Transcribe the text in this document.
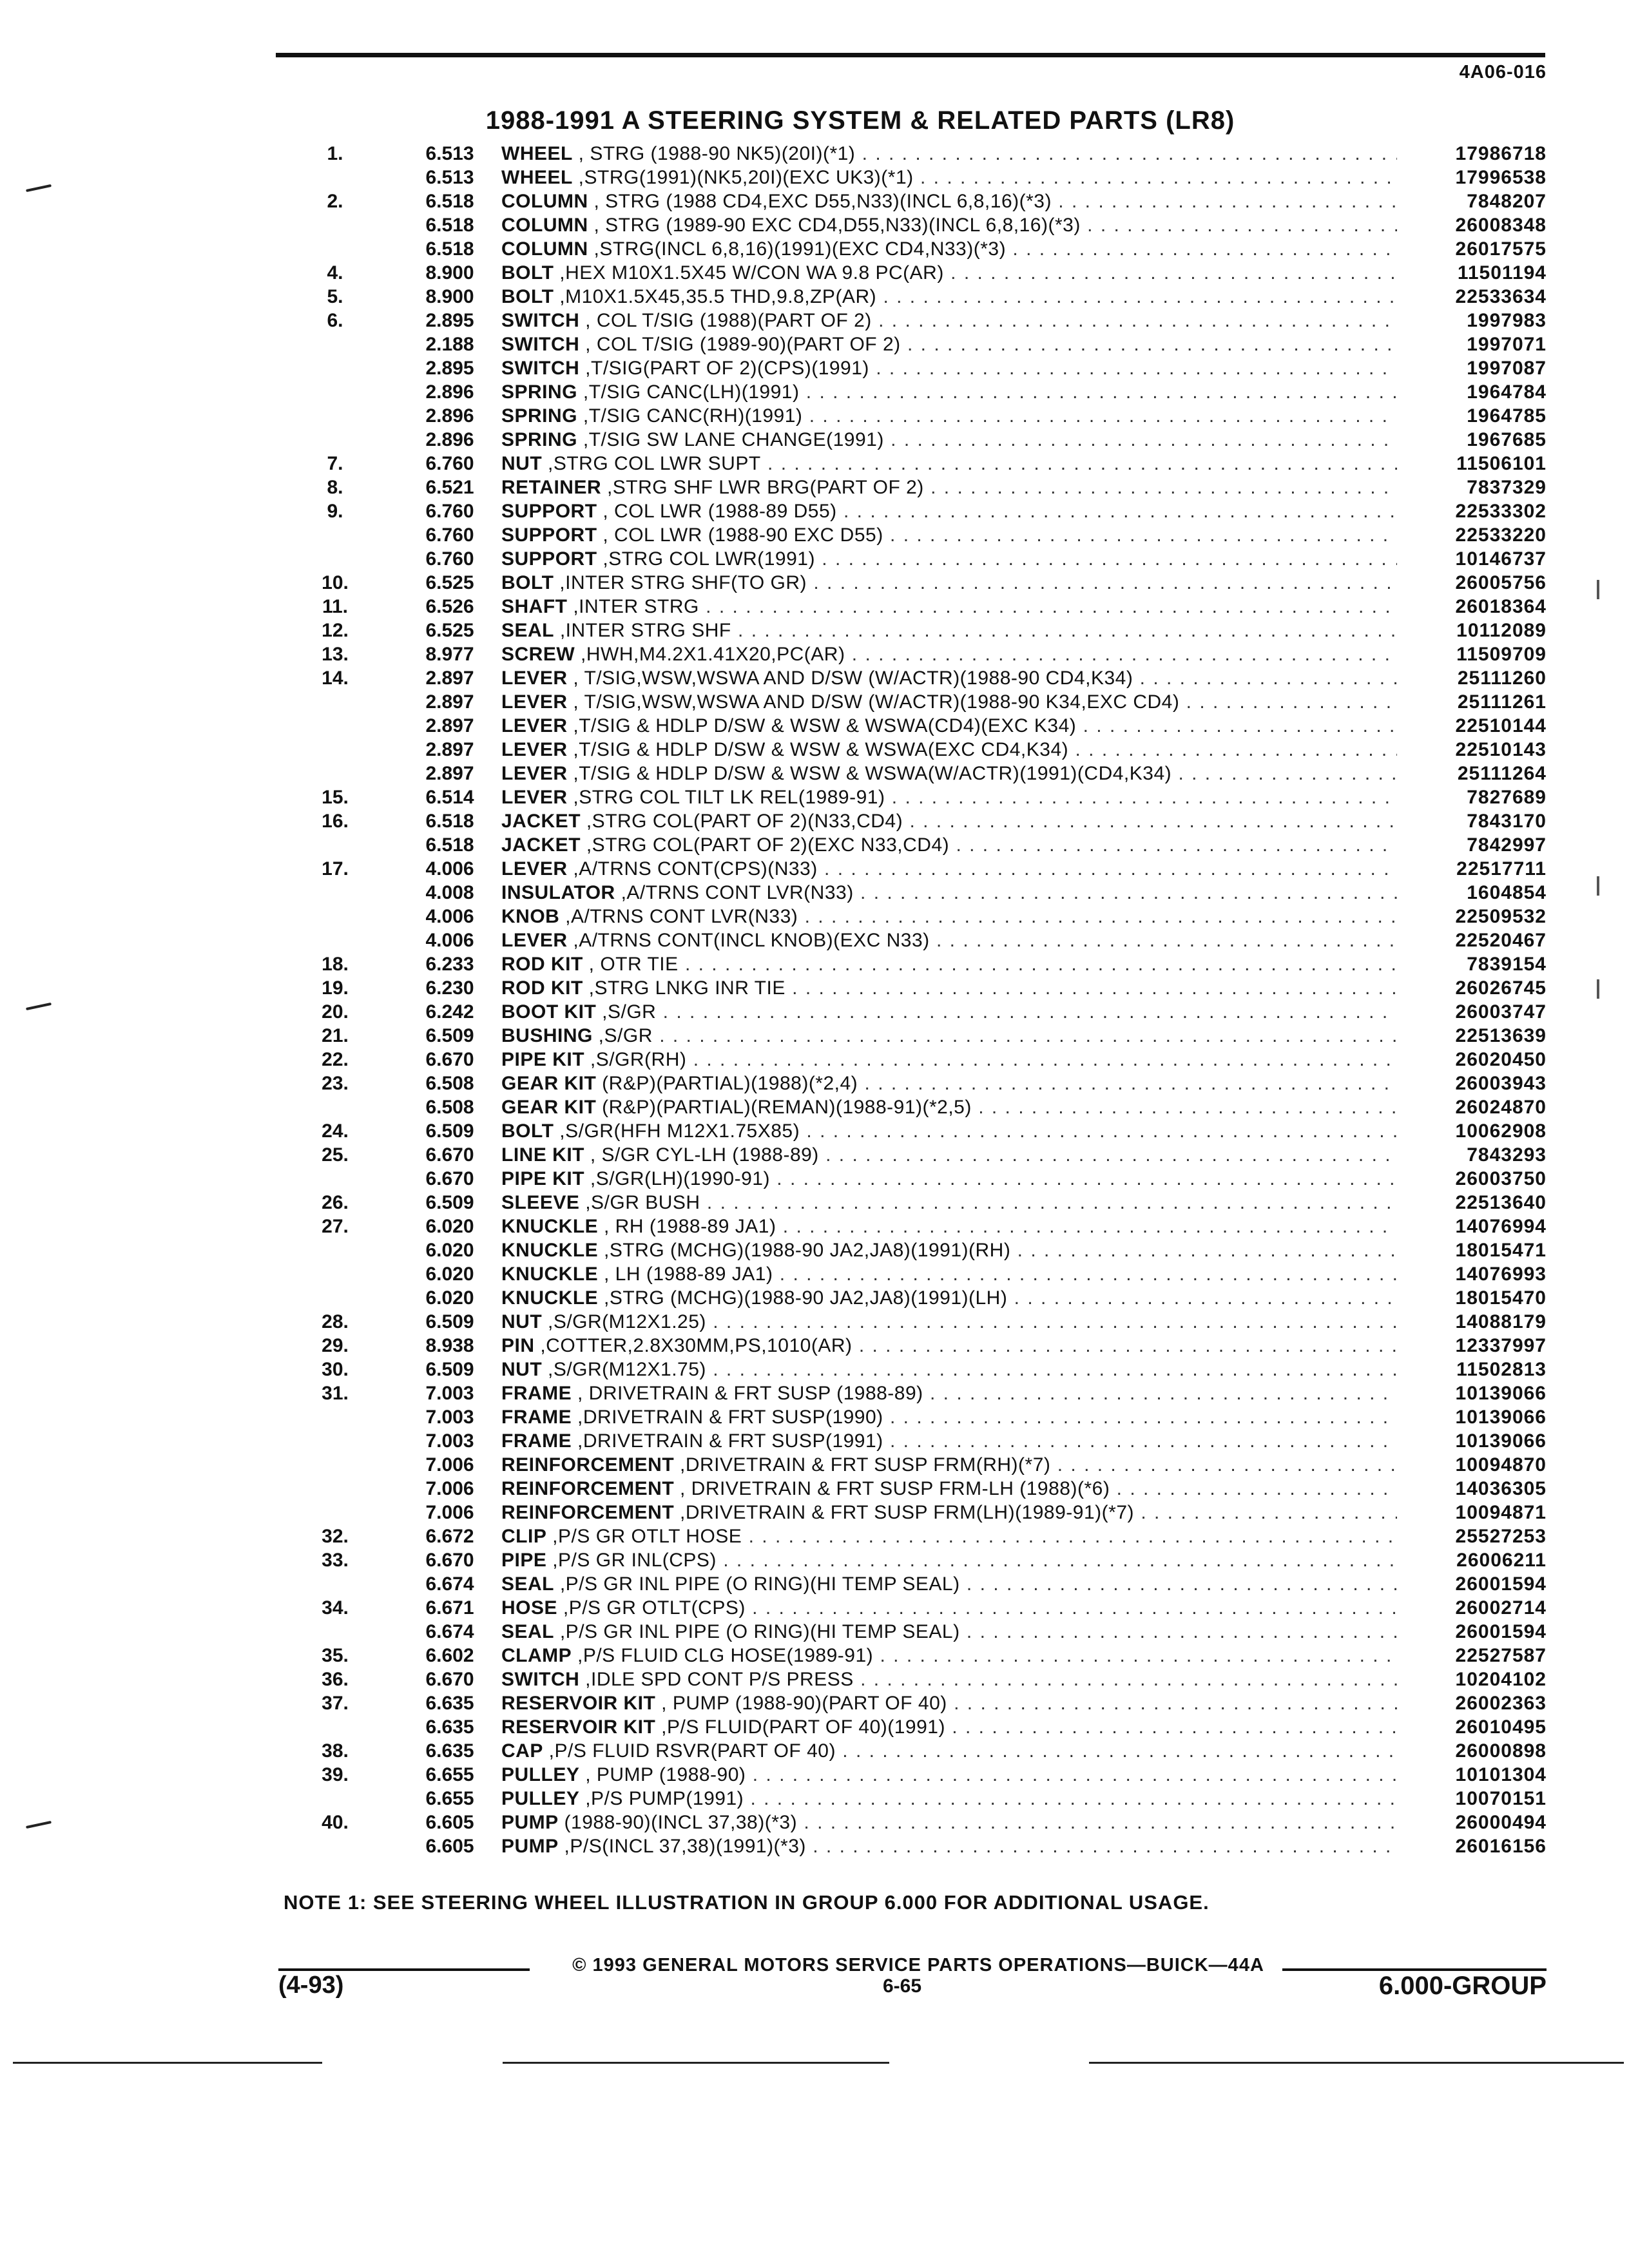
4A06-016
1988-1991 A STEERING SYSTEM & RELATED PARTS (LR8)
1.	6.513	WHEEL , STRG (1988-90 NK5)(20I)(*1) . . .	17986718
6.513	WHEEL ,STRG(1991)(NK5,20I)(EXC UK3)(*1) . . .	17996538
2.	6.518	COLUMN , STRG (1988 CD4,EXC D55,N33)(INCL 6,8,16)(*3) . . .	7848207
6.518	COLUMN , STRG (1989-90 EXC CD4,D55,N33)(INCL 6,8,16)(*3) . . .	26008348
6.518	COLUMN ,STRG(INCL 6,8,16)(1991)(EXC CD4,N33)(*3) . . .	26017575
4.	8.900	BOLT ,HEX M10X1.5X45 W/CON WA 9.8 PC(AR) . . .	11501194
5.	8.900	BOLT ,M10X1.5X45,35.5 THD,9.8,ZP(AR) . . .	22533634
6.	2.895	SWITCH , COL T/SIG (1988)(PART OF 2) . . .	1997983
2.188	SWITCH , COL T/SIG (1989-90)(PART OF 2) . . .	1997071
2.895	SWITCH ,T/SIG(PART OF 2)(CPS)(1991) . . .	1997087
2.896	SPRING ,T/SIG CANC(LH)(1991) . . .	1964784
2.896	SPRING ,T/SIG CANC(RH)(1991) . . .	1964785
2.896	SPRING ,T/SIG SW LANE CHANGE(1991) . . .	1967685
7.	6.760	NUT ,STRG COL LWR SUPT . . .	11506101
8.	6.521	RETAINER ,STRG SHF LWR BRG(PART OF 2) . . .	7837329
9.	6.760	SUPPORT , COL LWR (1988-89 D55) . . .	22533302
6.760	SUPPORT , COL LWR (1988-90 EXC D55) . . .	22533220
6.760	SUPPORT ,STRG COL LWR(1991) . . .	10146737
10.	6.525	BOLT ,INTER STRG SHF(TO GR) . . .	26005756
11.	6.526	SHAFT ,INTER STRG . . .	26018364
12.	6.525	SEAL ,INTER STRG SHF . . .	10112089
13.	8.977	SCREW ,HWH,M4.2X1.41X20,PC(AR) . . .	11509709
14.	2.897	LEVER , T/SIG,WSW,WSWA AND D/SW (W/ACTR)(1988-90 CD4,K34) . . .	25111260
2.897	LEVER , T/SIG,WSW,WSWA AND D/SW (W/ACTR)(1988-90 K34,EXC CD4) . . .	25111261
2.897	LEVER ,T/SIG & HDLP D/SW & WSW & WSWA(CD4)(EXC K34) . . .	22510144
2.897	LEVER ,T/SIG & HDLP D/SW & WSW & WSWA(EXC CD4,K34) . . .	22510143
2.897	LEVER ,T/SIG & HDLP D/SW & WSW & WSWA(W/ACTR)(1991)(CD4,K34) . . .	25111264
15.	6.514	LEVER ,STRG COL TILT LK REL(1989-91) . . .	7827689
16.	6.518	JACKET ,STRG COL(PART OF 2)(N33,CD4) . . .	7843170
6.518	JACKET ,STRG COL(PART OF 2)(EXC N33,CD4) . . .	7842997
17.	4.006	LEVER ,A/TRNS CONT(CPS)(N33) . . .	22517711
4.008	INSULATOR ,A/TRNS CONT LVR(N33) . . .	1604854
4.006	KNOB ,A/TRNS CONT LVR(N33) . . .	22509532
4.006	LEVER ,A/TRNS CONT(INCL KNOB)(EXC N33) . . .	22520467
18.	6.233	ROD KIT , OTR TIE . . .	7839154
19.	6.230	ROD KIT ,STRG LNKG INR TIE . . .	26026745
20.	6.242	BOOT KIT ,S/GR . . .	26003747
21.	6.509	BUSHING ,S/GR . . .	22513639
22.	6.670	PIPE KIT ,S/GR(RH) . . .	26020450
23.	6.508	GEAR KIT (R&P)(PARTIAL)(1988)(*2,4) . . .	26003943
6.508	GEAR KIT (R&P)(PARTIAL)(REMAN)(1988-91)(*2,5) . . .	26024870
24.	6.509	BOLT ,S/GR(HFH M12X1.75X85) . . .	10062908
25.	6.670	LINE KIT , S/GR CYL-LH (1988-89) . . .	7843293
6.670	PIPE KIT ,S/GR(LH)(1990-91) . . .	26003750
26.	6.509	SLEEVE ,S/GR BUSH . . .	22513640
27.	6.020	KNUCKLE , RH (1988-89 JA1) . . .	14076994
6.020	KNUCKLE ,STRG (MCHG)(1988-90 JA2,JA8)(1991)(RH) . . .	18015471
6.020	KNUCKLE , LH (1988-89 JA1) . . .	14076993
6.020	KNUCKLE ,STRG (MCHG)(1988-90 JA2,JA8)(1991)(LH) . . .	18015470
28.	6.509	NUT ,S/GR(M12X1.25) . . .	14088179
29.	8.938	PIN ,COTTER,2.8X30MM,PS,1010(AR) . . .	12337997
30.	6.509	NUT ,S/GR(M12X1.75) . . .	11502813
31.	7.003	FRAME , DRIVETRAIN & FRT SUSP (1988-89) . . .	10139066
7.003	FRAME ,DRIVETRAIN & FRT SUSP(1990) . . .	10139066
7.003	FRAME ,DRIVETRAIN & FRT SUSP(1991) . . .	10139066
7.006	REINFORCEMENT ,DRIVETRAIN & FRT SUSP FRM(RH)(*7) . . .	10094870
7.006	REINFORCEMENT , DRIVETRAIN & FRT SUSP FRM-LH (1988)(*6) . . .	14036305
7.006	REINFORCEMENT ,DRIVETRAIN & FRT SUSP FRM(LH)(1989-91)(*7) . . .	10094871
32.	6.672	CLIP ,P/S GR OTLT HOSE . . .	25527253
33.	6.670	PIPE ,P/S GR INL(CPS) . . .	26006211
6.674	SEAL ,P/S GR INL PIPE (O RING)(HI TEMP SEAL) . . .	26001594
34.	6.671	HOSE ,P/S GR OTLT(CPS) . . .	26002714
6.674	SEAL ,P/S GR INL PIPE (O RING)(HI TEMP SEAL) . . .	26001594
35.	6.602	CLAMP ,P/S FLUID CLG HOSE(1989-91) . . .	22527587
36.	6.670	SWITCH ,IDLE SPD CONT P/S PRESS . . .	10204102
37.	6.635	RESERVOIR KIT , PUMP (1988-90)(PART OF 40) . . .	26002363
6.635	RESERVOIR KIT ,P/S FLUID(PART OF 40)(1991) . . .	26010495
38.	6.635	CAP ,P/S FLUID RSVR(PART OF 40) . . .	26000898
39.	6.655	PULLEY , PUMP (1988-90) . . .	10101304
6.655	PULLEY ,P/S PUMP(1991) . . .	10070151
40.	6.605	PUMP (1988-90)(INCL 37,38)(*3) . . .	26000494
6.605	PUMP ,P/S(INCL 37,38)(1991)(*3) . . .	26016156
NOTE 1: SEE STEERING WHEEL ILLUSTRATION IN GROUP 6.000 FOR ADDITIONAL USAGE.
© 1993 GENERAL MOTORS SERVICE PARTS OPERATIONS—BUICK—44A
(4-93)	6-65	6.000-GROUP
